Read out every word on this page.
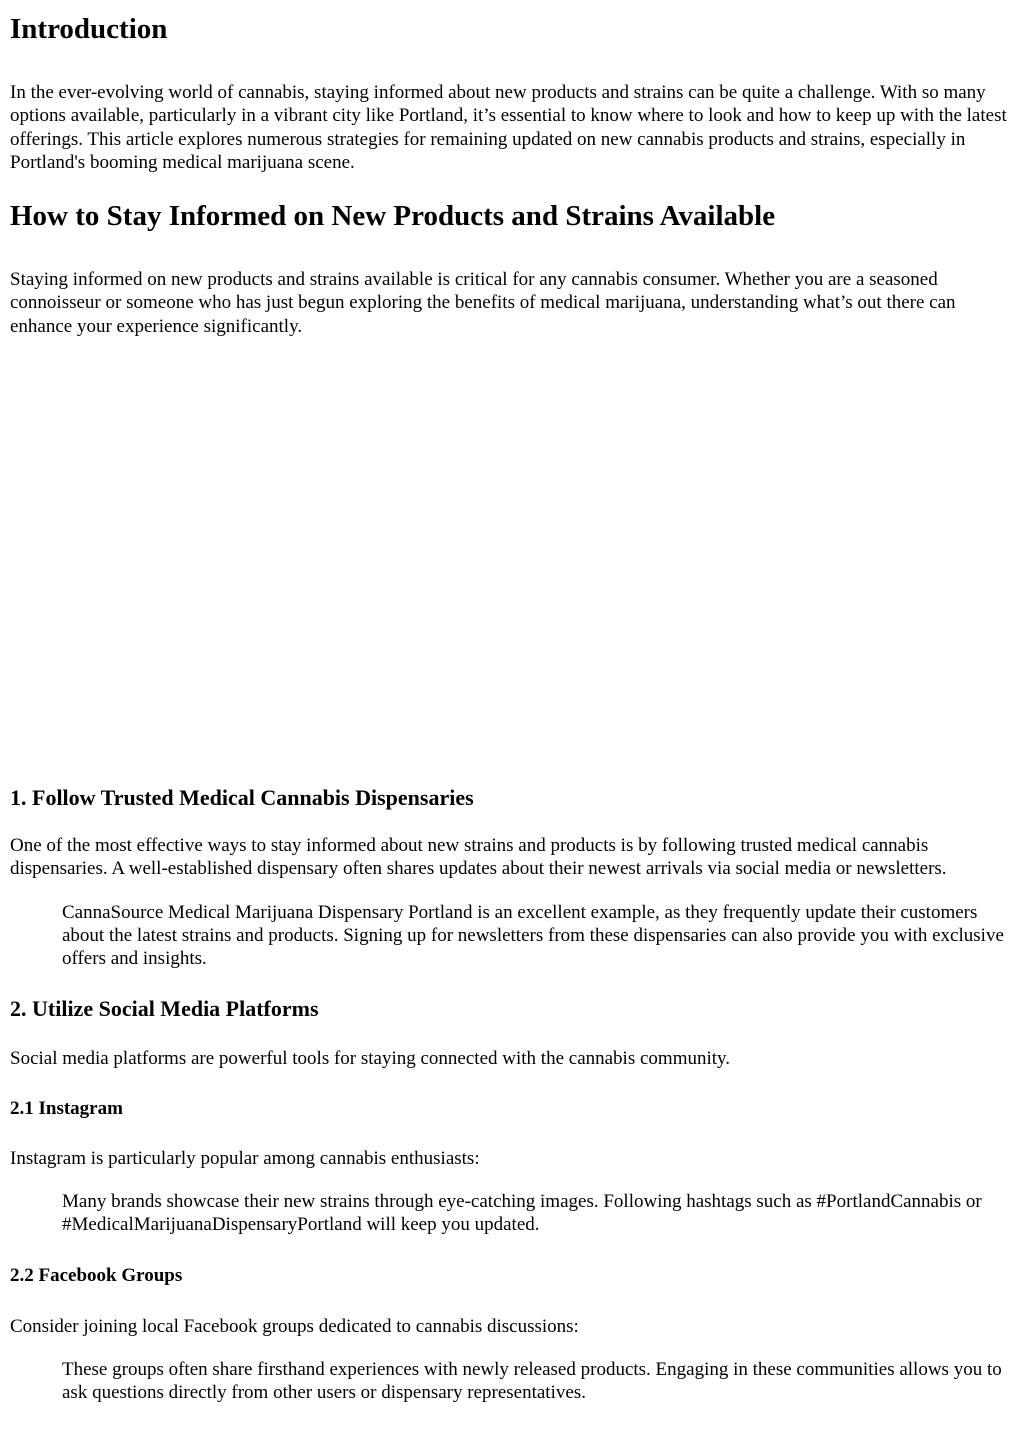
Introduction

In the ever-evolving world of cannabis, staying informed about new products and strains can be quite a challenge. With so many options available, particularly in a vibrant city like Portland, it’s essential to know where to look and how to keep up with the latest offerings. This article explores numerous strategies for remaining updated on new cannabis products and strains, especially in Portland's booming medical marijuana scene.

How to Stay Informed on New Products and Strains Available

Staying informed on new products and strains available is critical for any cannabis consumer. Whether you are a seasoned connoisseur or someone who has just begun exploring the benefits of medical marijuana, understanding what’s out there can enhance your experience significantly.

1. Follow Trusted Medical Cannabis Dispensaries

One of the most effective ways to stay informed about new strains and products is by following trusted medical cannabis dispensaries. A well-established dispensary often shares updates about their newest arrivals via social media or newsletters.

CannaSource Medical Marijuana Dispensary Portland is an excellent example, as they frequently update their customers about the latest strains and products. Signing up for newsletters from these dispensaries can also provide you with exclusive offers and insights.
2. Utilize Social Media Platforms

Social media platforms are powerful tools for staying connected with the cannabis community.

2.1 Instagram

Instagram is particularly popular among cannabis enthusiasts:

Many brands showcase their new strains through eye-catching images. Following hashtags such as #PortlandCannabis or #MedicalMarijuanaDispensaryPortland will keep you updated.
2.2 Facebook Groups

Consider joining local Facebook groups dedicated to cannabis discussions:

These groups often share firsthand experiences with newly released products. Engaging in these communities allows you to ask questions directly from other users or dispensary representatives.
